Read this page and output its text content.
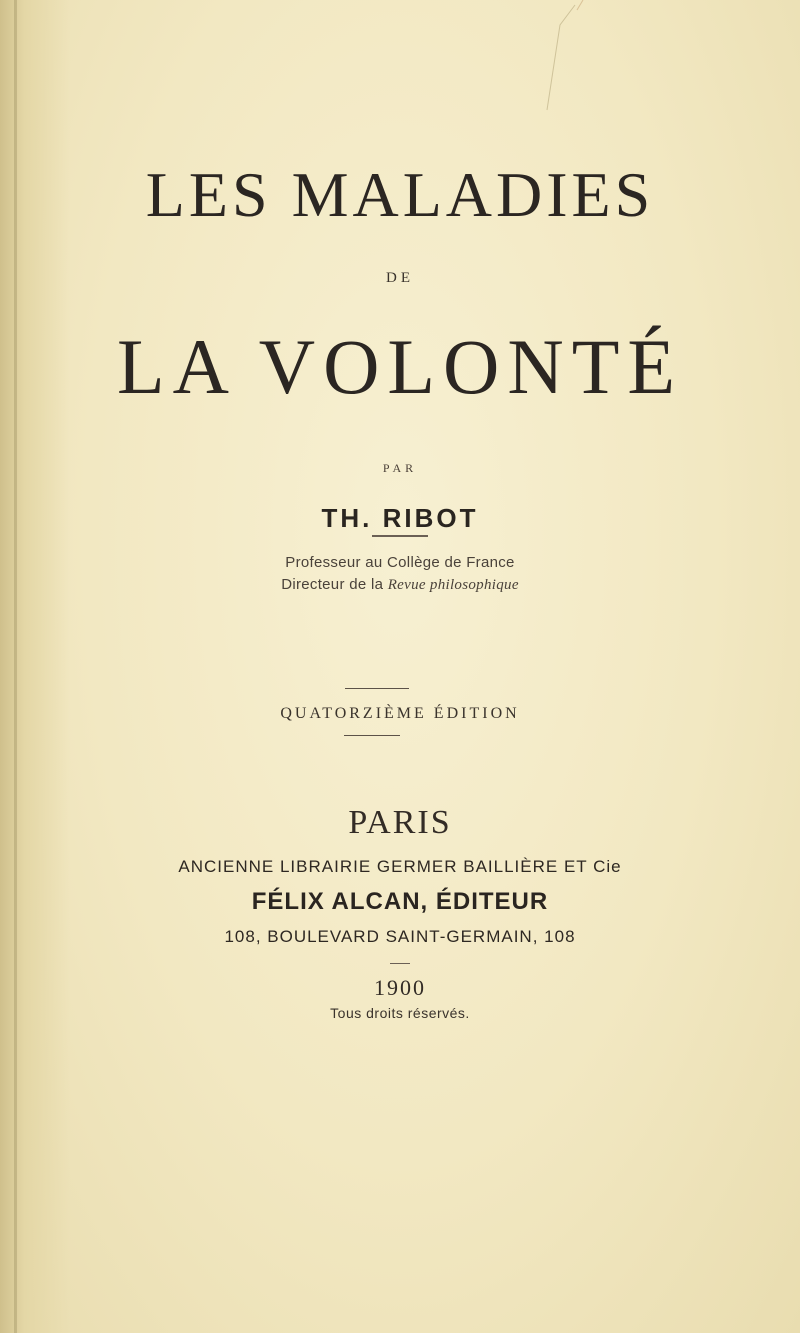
LES MALADIES
DE
LA VOLONTÉ
PAR
TH. RIBOT
Professeur au Collège de France
Directeur de la Revue philosophique
QUATORZIÈME ÉDITION
PARIS
ANCIENNE LIBRAIRIE GERMER BAILLIÈRE ET Cie
FÉLIX ALCAN, ÉDITEUR
108, BOULEVARD SAINT-GERMAIN, 108
1900
Tous droits réservés.
